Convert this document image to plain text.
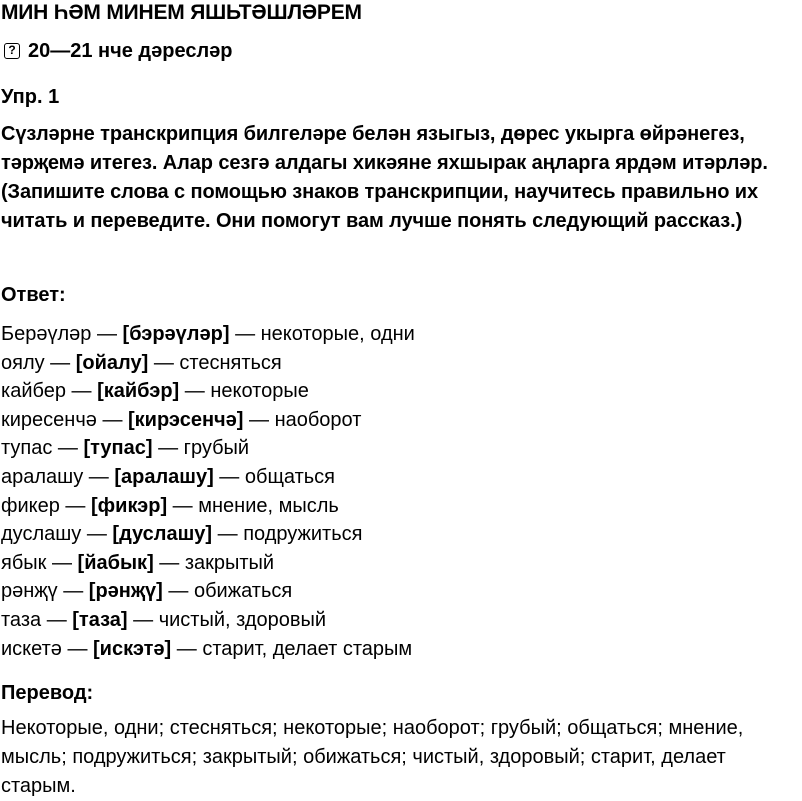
МИН ҺӘМ МИНЕМ ЯШЬТӘШЛӘРЕМ
? 20—21 нче дәресләр
Упр. 1
Сүзләрне транскрипция билгеләре белән языгыз, дөрес укырга өйрәнегез, тәрҗемә итегез. Алар сезгә алдагы хикәяне яхшырак аңларга ярдәм итәрләр. (Запишите слова с помощью знаков транскрипции, научитесь правильно их читать и переведите. Они помогут вам лучше понять следующий рассказ.)
Ответ:
Берәүләр — [бэрәүләр] — некоторые, одни
оялу — [ойалу] — стесняться
кайбер — [кайбэр] — некоторые
киресенчә — [кирэсенчә] — наоборот
тупас — [тупас] — грубый
аралашу — [аралашу] — общаться
фикер — [фикэр] — мнение, мысль
дуслашу — [дуслашу] — подружиться
ябык — [йабык] — закрытый
рәнҗү — [рәнҗү] — обижаться
таза — [таза] — чистый, здоровый
искетә — [искэтә] — старит, делает старым
Перевод:
Некоторые, одни; стесняться; некоторые; наоборот; грубый; общаться; мнение, мысль; подружиться; закрытый; обижаться; чистый, здоровый; старит, делает старым.
